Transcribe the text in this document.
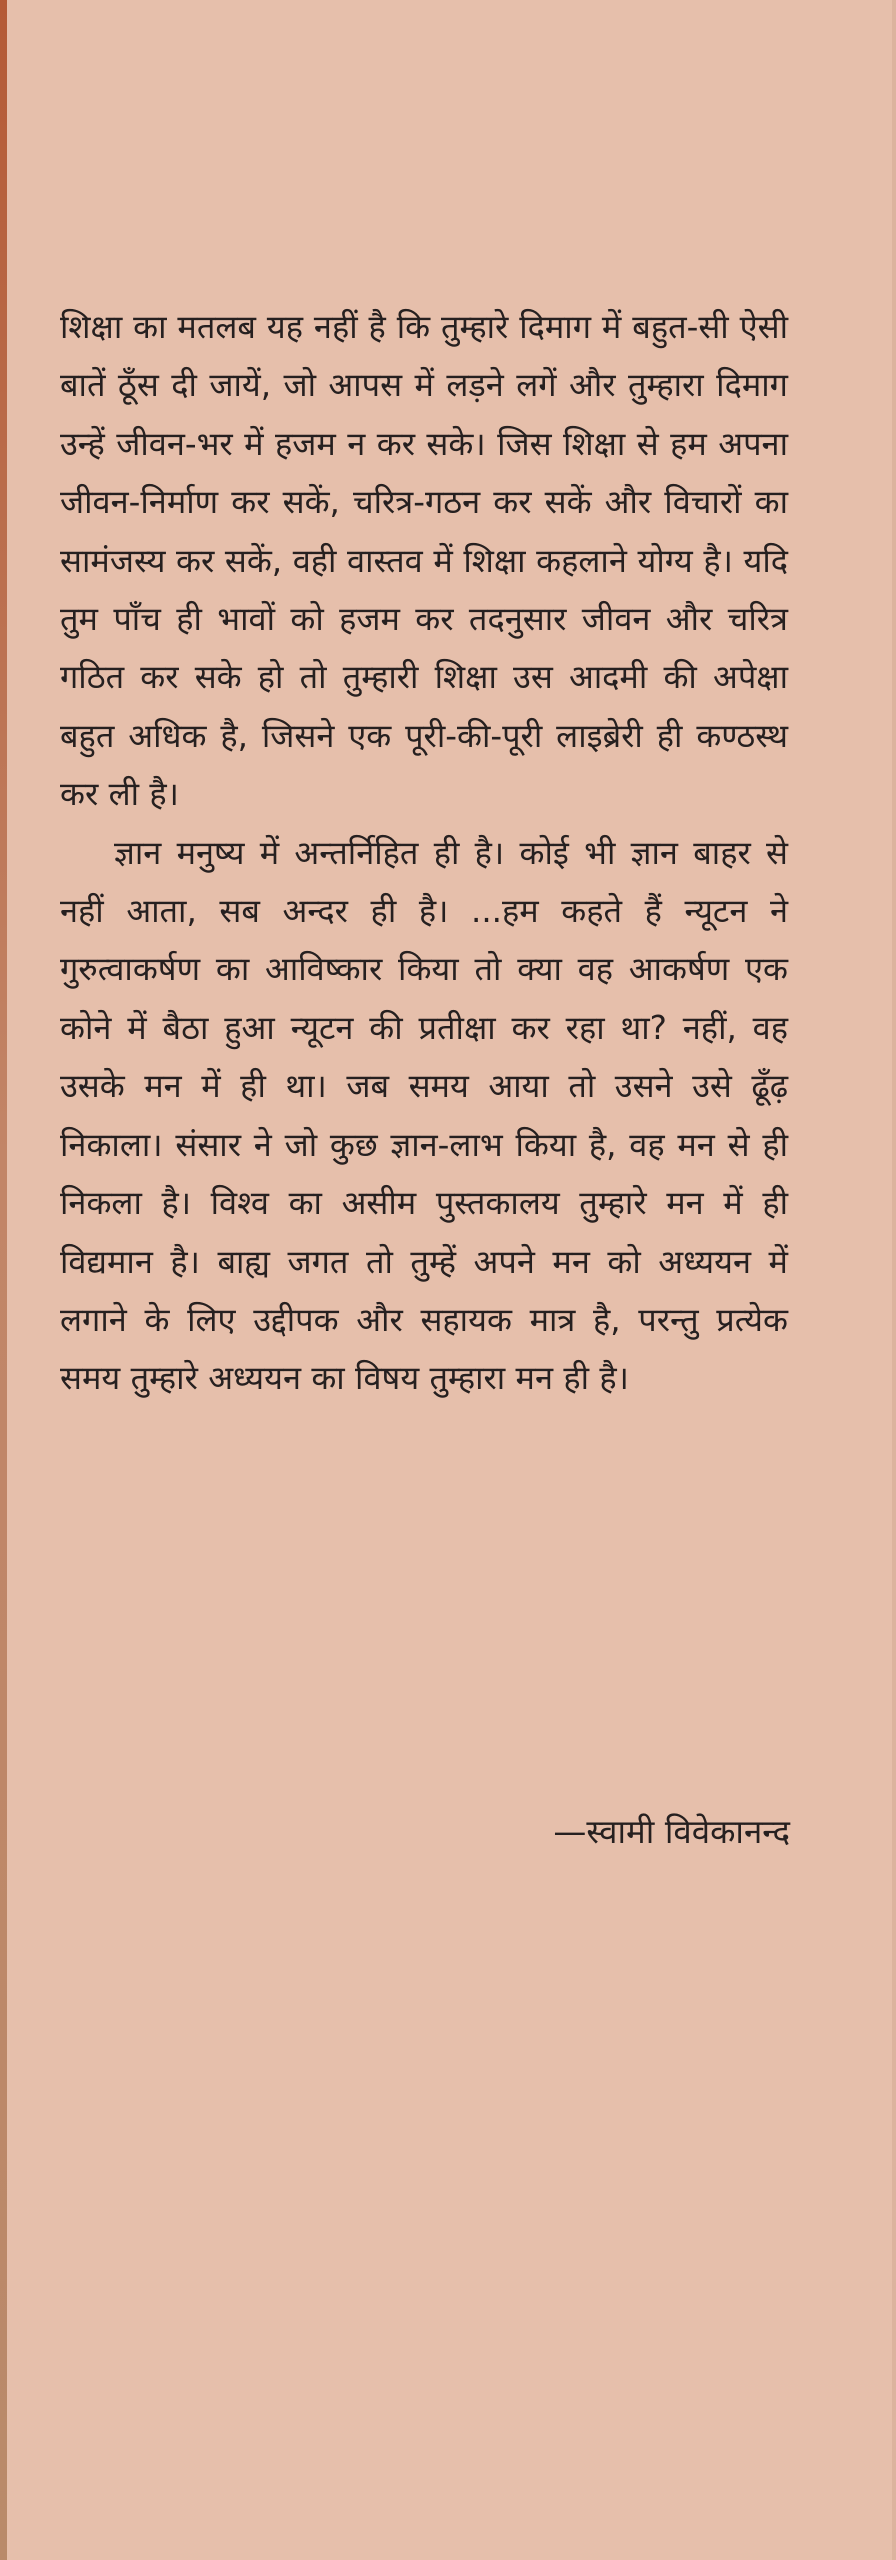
शिक्षा का मतलब यह नहीं है कि तुम्हारे दिमाग में बहुत-सी ऐसी बातें ठूँस दी जायें, जो आपस में लड़ने लगें और तुम्हारा दिमाग उन्हें जीवन-भर में हजम न कर सके। जिस शिक्षा से हम अपना जीवन-निर्माण कर सकें, चरित्र-गठन कर सकें और विचारों का सामंजस्य कर सकें, वही वास्तव में शिक्षा कहलाने योग्य है। यदि तुम पाँच ही भावों को हजम कर तदनुसार जीवन और चरित्र गठित कर सके हो तो तुम्हारी शिक्षा उस आदमी की अपेक्षा बहुत अधिक है, जिसने एक पूरी-की-पूरी लाइब्रेरी ही कण्ठस्थ कर ली है।

ज्ञान मनुष्य में अन्तर्निहित ही है। कोई भी ज्ञान बाहर से नहीं आता, सब अन्दर ही है। ...हम कहते हैं न्यूटन ने गुरुत्वाकर्षण का आविष्कार किया तो क्या वह आकर्षण एक कोने में बैठा हुआ न्यूटन की प्रतीक्षा कर रहा था? नहीं, वह उसके मन में ही था। जब समय आया तो उसने उसे ढूँढ़ निकाला। संसार ने जो कुछ ज्ञान-लाभ किया है, वह मन से ही निकला है। विश्व का असीम पुस्तकालय तुम्हारे मन में ही विद्यमान है। बाह्य जगत तो तुम्हें अपने मन को अध्ययन में लगाने के लिए उद्दीपक और सहायक मात्र है, परन्तु प्रत्येक समय तुम्हारे अध्ययन का विषय तुम्हारा मन ही है।

—स्वामी विवेकानन्द
